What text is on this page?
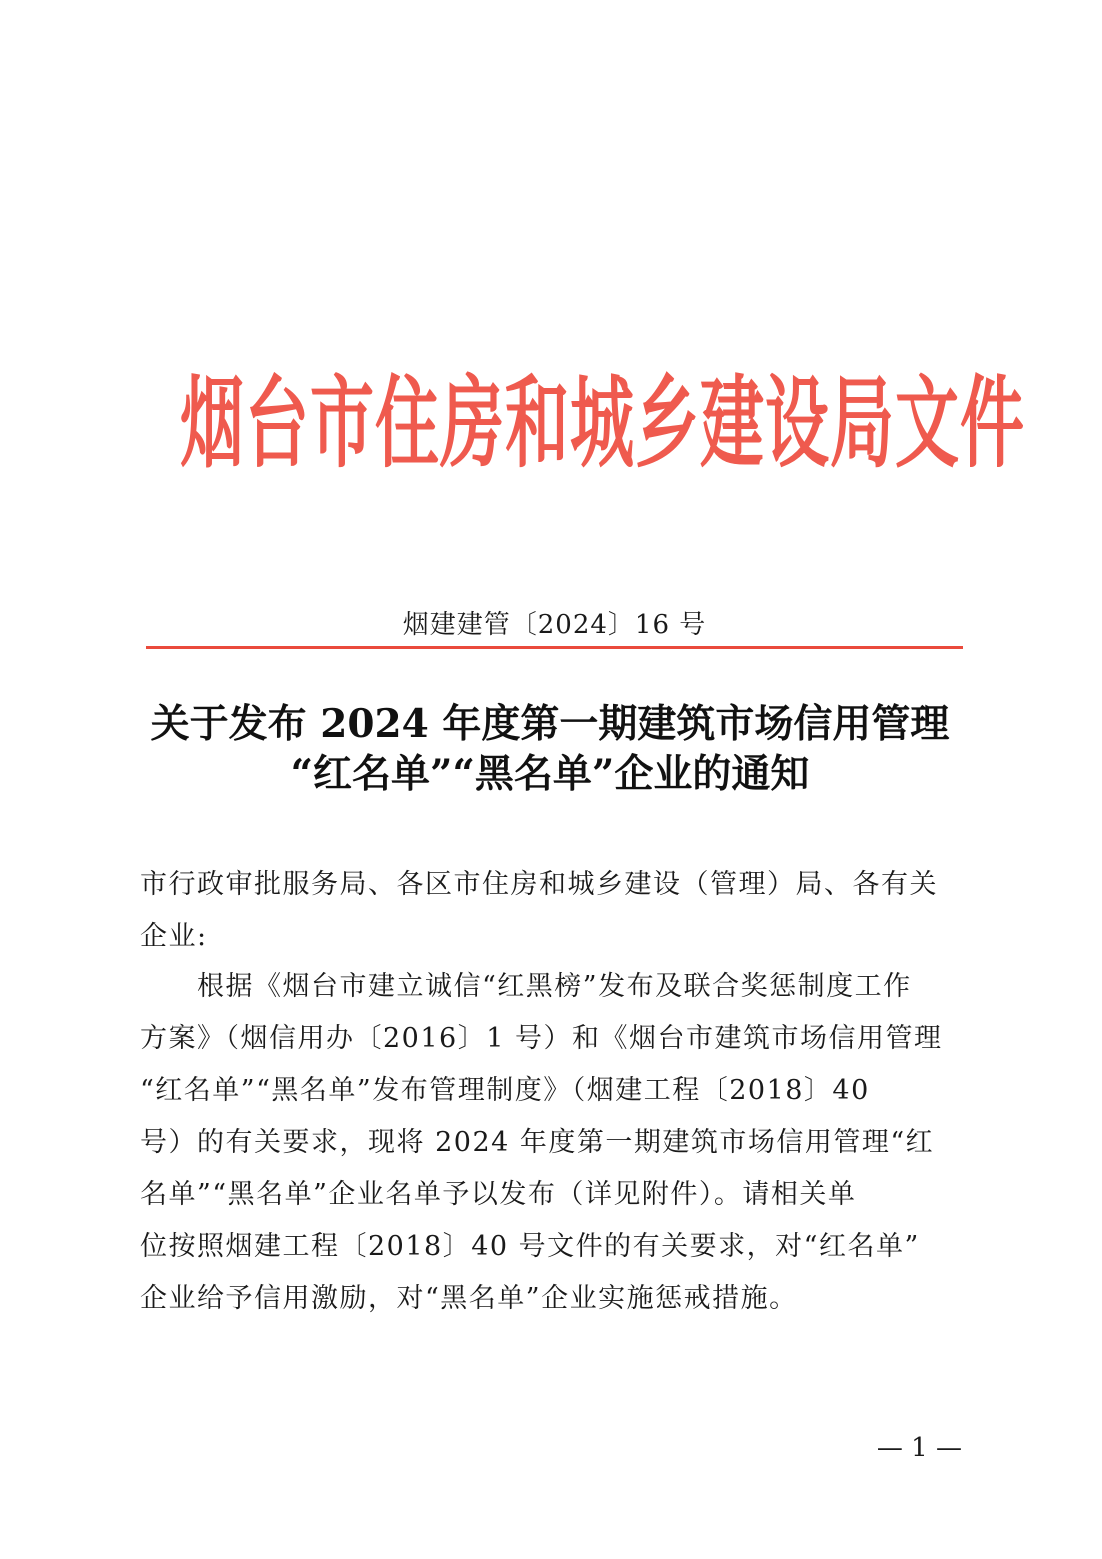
烟台市住房和城乡建设局文件
烟建建管〔2024〕16 号
关于发布 2024 年度第一期建筑市场信用管理
“红名单”“黑名单”企业的通知
市行政审批服务局、各区市住房和城乡建设（管理）局、各有关
企业:
　　根据《烟台市建立诚信“红黑榜”发布及联合奖惩制度工作
方案》（烟信用办〔2016〕1 号）和《烟台市建筑市场信用管理
“红名单”“黑名单”发布管理制度》（烟建工程〔2018〕40
号）的有关要求，现将 2024 年度第一期建筑市场信用管理“红
名单”“黑名单”企业名单予以发布（详见附件）。请相关单
位按照烟建工程〔2018〕40 号文件的有关要求，对“红名单”
企业给予信用激励，对“黑名单”企业实施惩戒措施。
— 1 —
